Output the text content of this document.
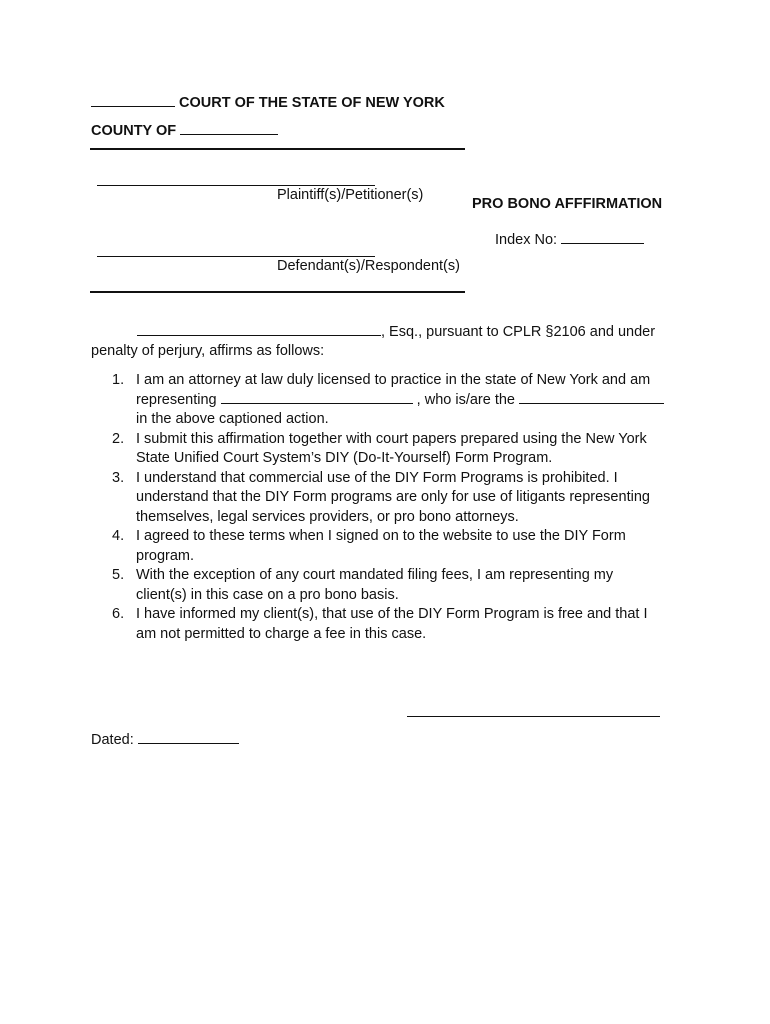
COURT OF THE STATE OF NEW YORK
COUNTY OF
Plaintiff(s)/Petitioner(s)
PRO BONO AFFFIRMATION
Index No:
Defendant(s)/Respondent(s)
, Esq., pursuant to CPLR §2106 and under
penalty of perjury, affirms as follows:
1. I am an attorney at law duly licensed to practice in the state of New York and am
representing	, who is/are the
in the above captioned action.
2. I submit this affirmation together with court papers prepared using the New York
State Unified Court System’s DIY (Do-It-Yourself) Form Program.
3. I understand that commercial use of the DIY Form Programs is prohibited. I
understand that the DIY Form programs are only for use of litigants representing
themselves, legal services providers, or pro bono attorneys.
4. I agreed to these terms when I signed on to the website to use the DIY Form
program.
5. With the exception of any court mandated filing fees, I am representing my
client(s) in this case on a pro bono basis.
6. I have informed my client(s), that use of the DIY Form Program is free and that I
am not permitted to charge a fee in this case.
Dated:
